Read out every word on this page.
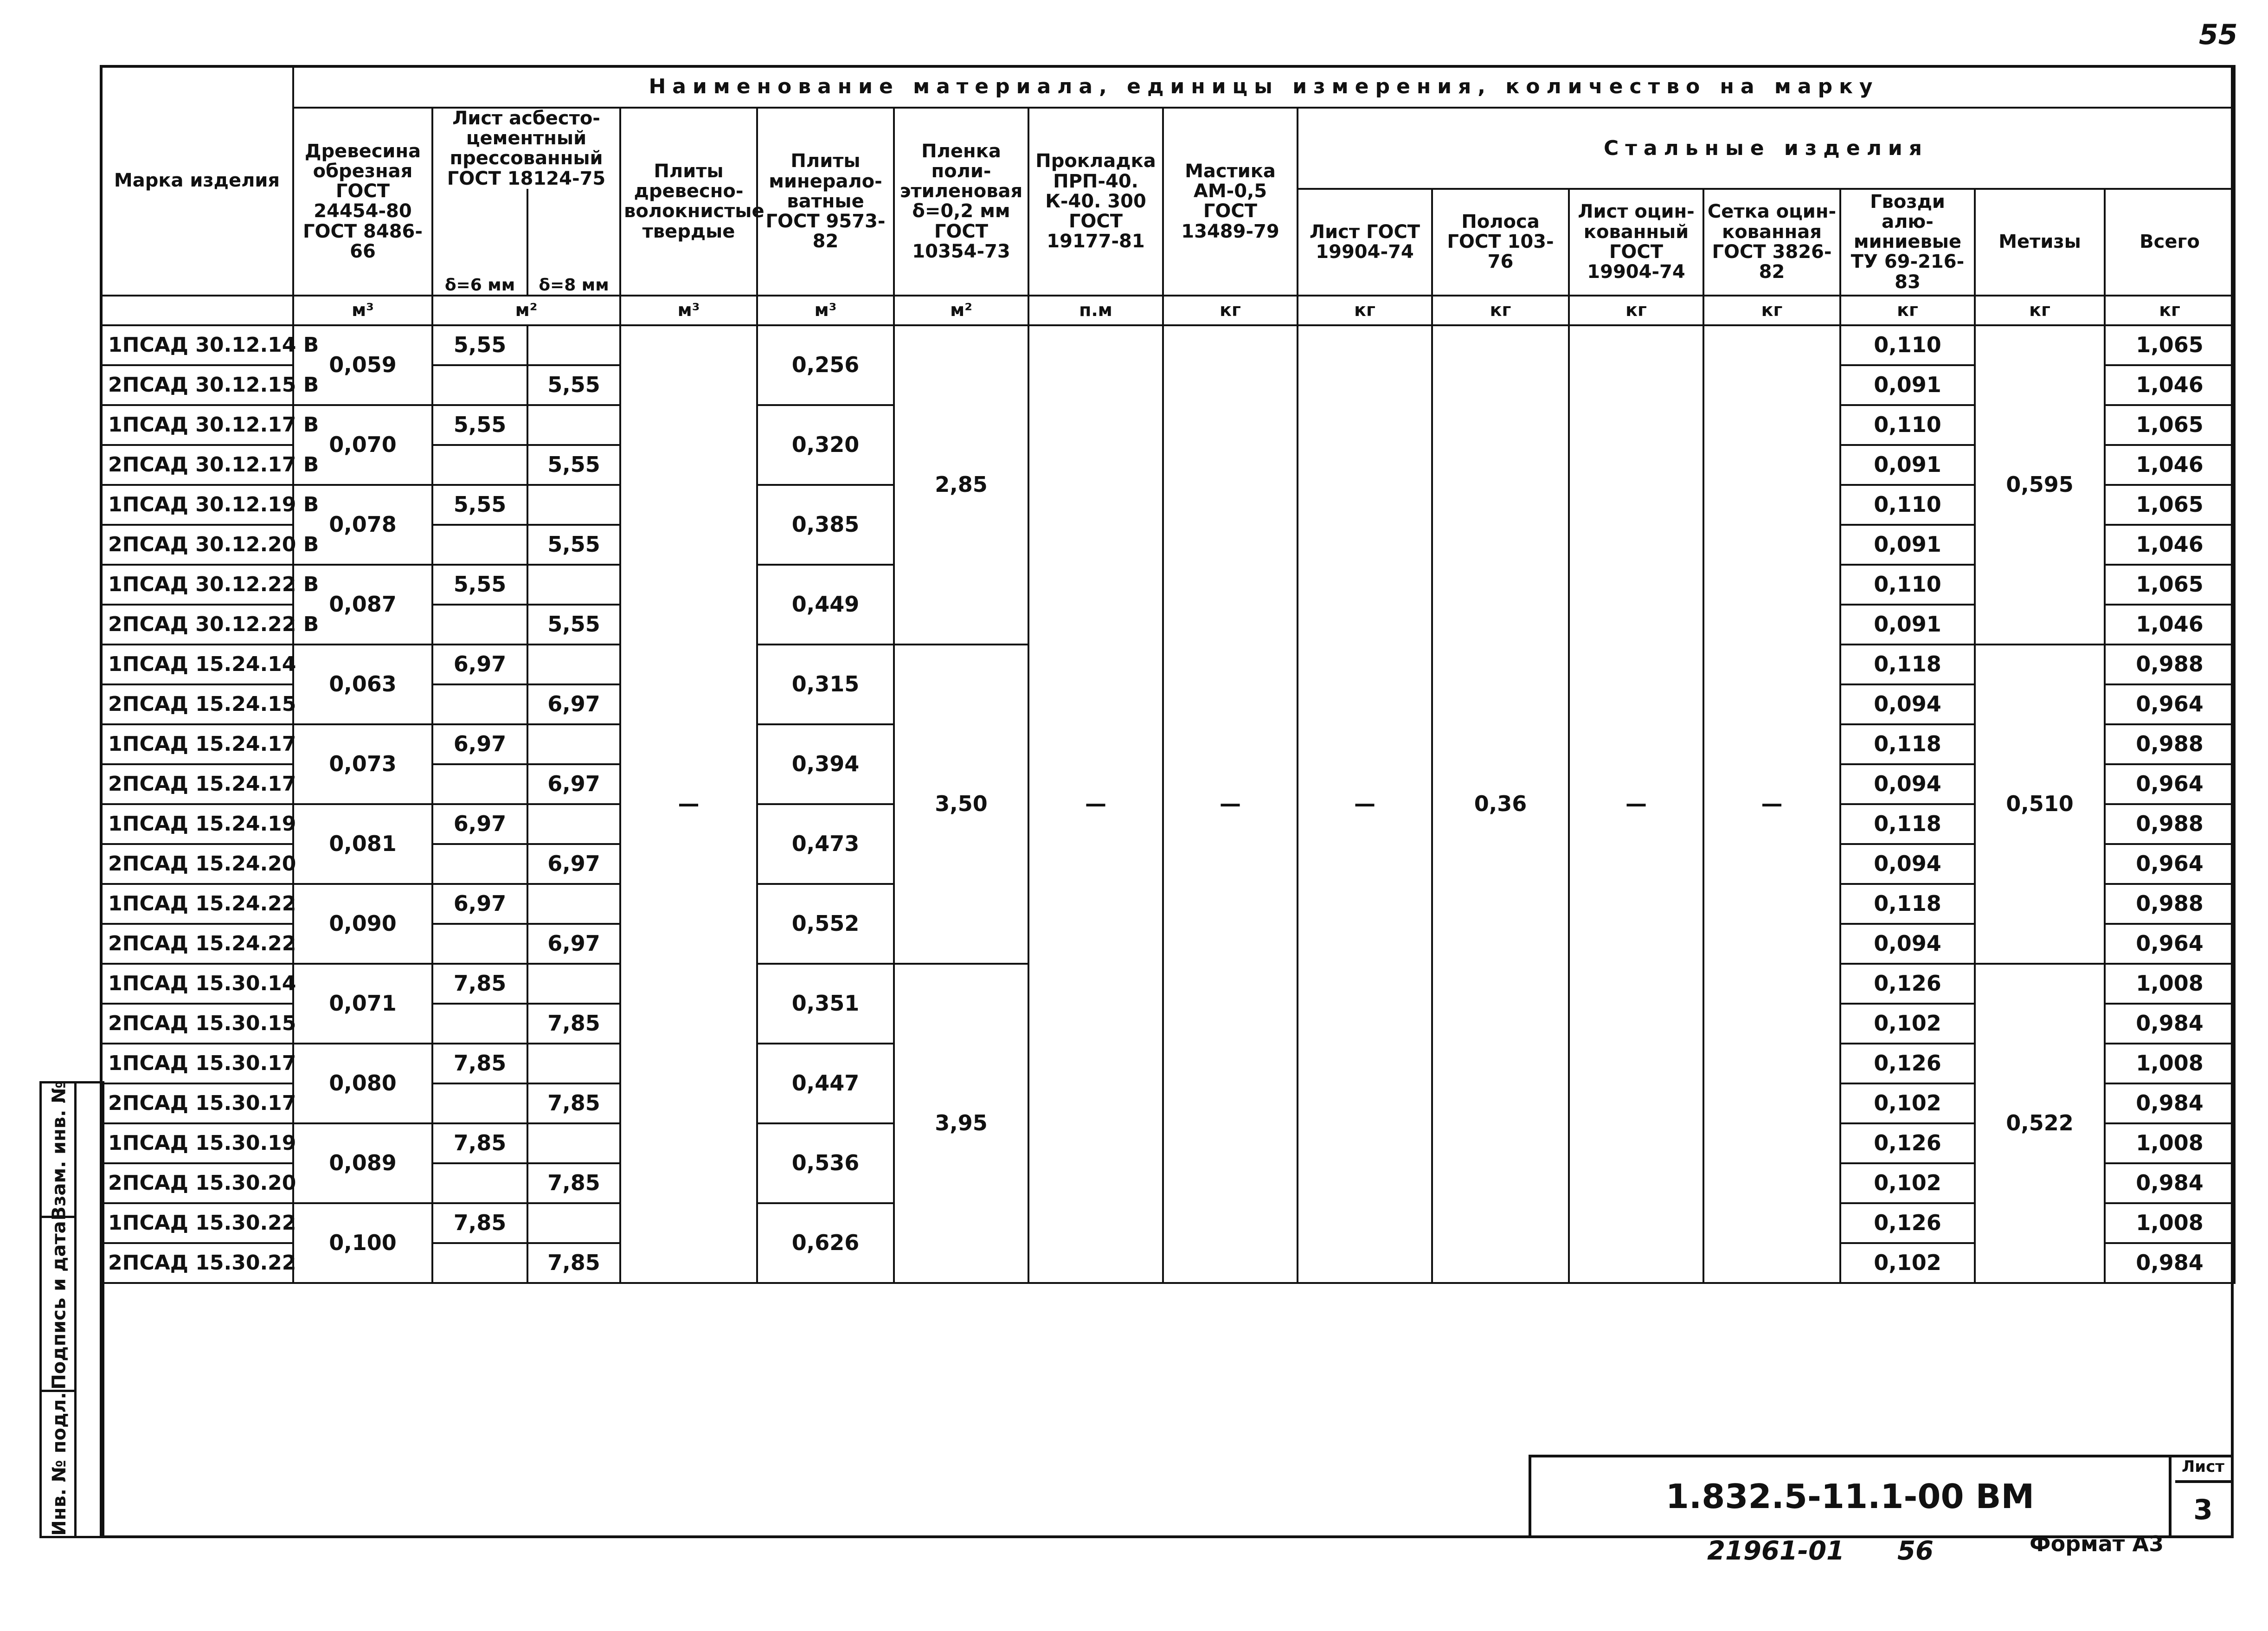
55
Марка изделия	Наименование материала, единицы измерения, количество на марку														
	Древесина обрезная ГОСТ 24454-80 ГОСТ 8486-66	Лист асбесто-цементный прессованный ГОСТ 18124-75		Плиты древесно-волокнистые твердые	Плиты минерало-ватные ГОСТ 9573-82	Пленка поли-этиленовая δ=0,2 мм ГОСТ 10354-73	Прокладка ПРП-40. К-40. 300 ГОСТ 19177-81	Мастика АМ-0,5 ГОСТ 13489-79	Стальные изделия						
		δ=6 мм	δ=8 мм						Лист ГОСТ 19904-74	Полоса ГОСТ 103-76	Лист оцин-кованный ГОСТ 19904-74	Сетка оцин-кованная ГОСТ 3826-82	Гвозди алю-миниевые ТУ 69-216-83	Метизы	Всего
	м³	м²		м³	м³	м²	п.м	кг	кг	кг	кг	кг	кг	кг	кг
1ПСАД 30.12.14 В	0,059	5,55		—	0,256	2,85	—	—	—	0,36	—	—	0,110	0,595	1,065
2ПСАД 30.12.15 В			5,55										0,091		1,046
1ПСАД 30.12.17 В	0,070	5,55			0,320								0,110		1,065
2ПСАД 30.12.17 В			5,55										0,091		1,046
1ПСАД 30.12.19 В	0,078	5,55			0,385								0,110		1,065
2ПСАД 30.12.20 В			5,55										0,091		1,046
1ПСАД 30.12.22 В	0,087	5,55			0,449								0,110		1,065
2ПСАД 30.12.22 В			5,55										0,091		1,046
1ПСАД 15.24.14	0,063	6,97			0,315	3,50							0,118	0,510	0,988
2ПСАД 15.24.15			6,97										0,094		0,964
1ПСАД 15.24.17	0,073	6,97			0,394								0,118		0,988
2ПСАД 15.24.17			6,97										0,094		0,964
1ПСАД 15.24.19	0,081	6,97			0,473								0,118		0,988
2ПСАД 15.24.20			6,97										0,094		0,964
1ПСАД 15.24.22	0,090	6,97			0,552								0,118		0,988
2ПСАД 15.24.22			6,97										0,094		0,964
1ПСАД 15.30.14	0,071	7,85			0,351	3,95							0,126	0,522	1,008
2ПСАД 15.30.15			7,85										0,102		0,984
1ПСАД 15.30.17	0,080	7,85			0,447								0,126		1,008
2ПСАД 15.30.17			7,85										0,102		0,984
1ПСАД 15.30.19	0,089	7,85			0,536								0,126		1,008
2ПСАД 15.30.20			7,85										0,102		0,984
1ПСАД 15.30.22	0,100	7,85			0,626								0,126		1,008
2ПСАД 15.30.22			7,85										0,102		0,984
Взам. инв. №
Подпись и дата
Инв. № подл.	1.832.5-11.1-00 ВМ
Лист
3
21961-01 56	Формат А3
